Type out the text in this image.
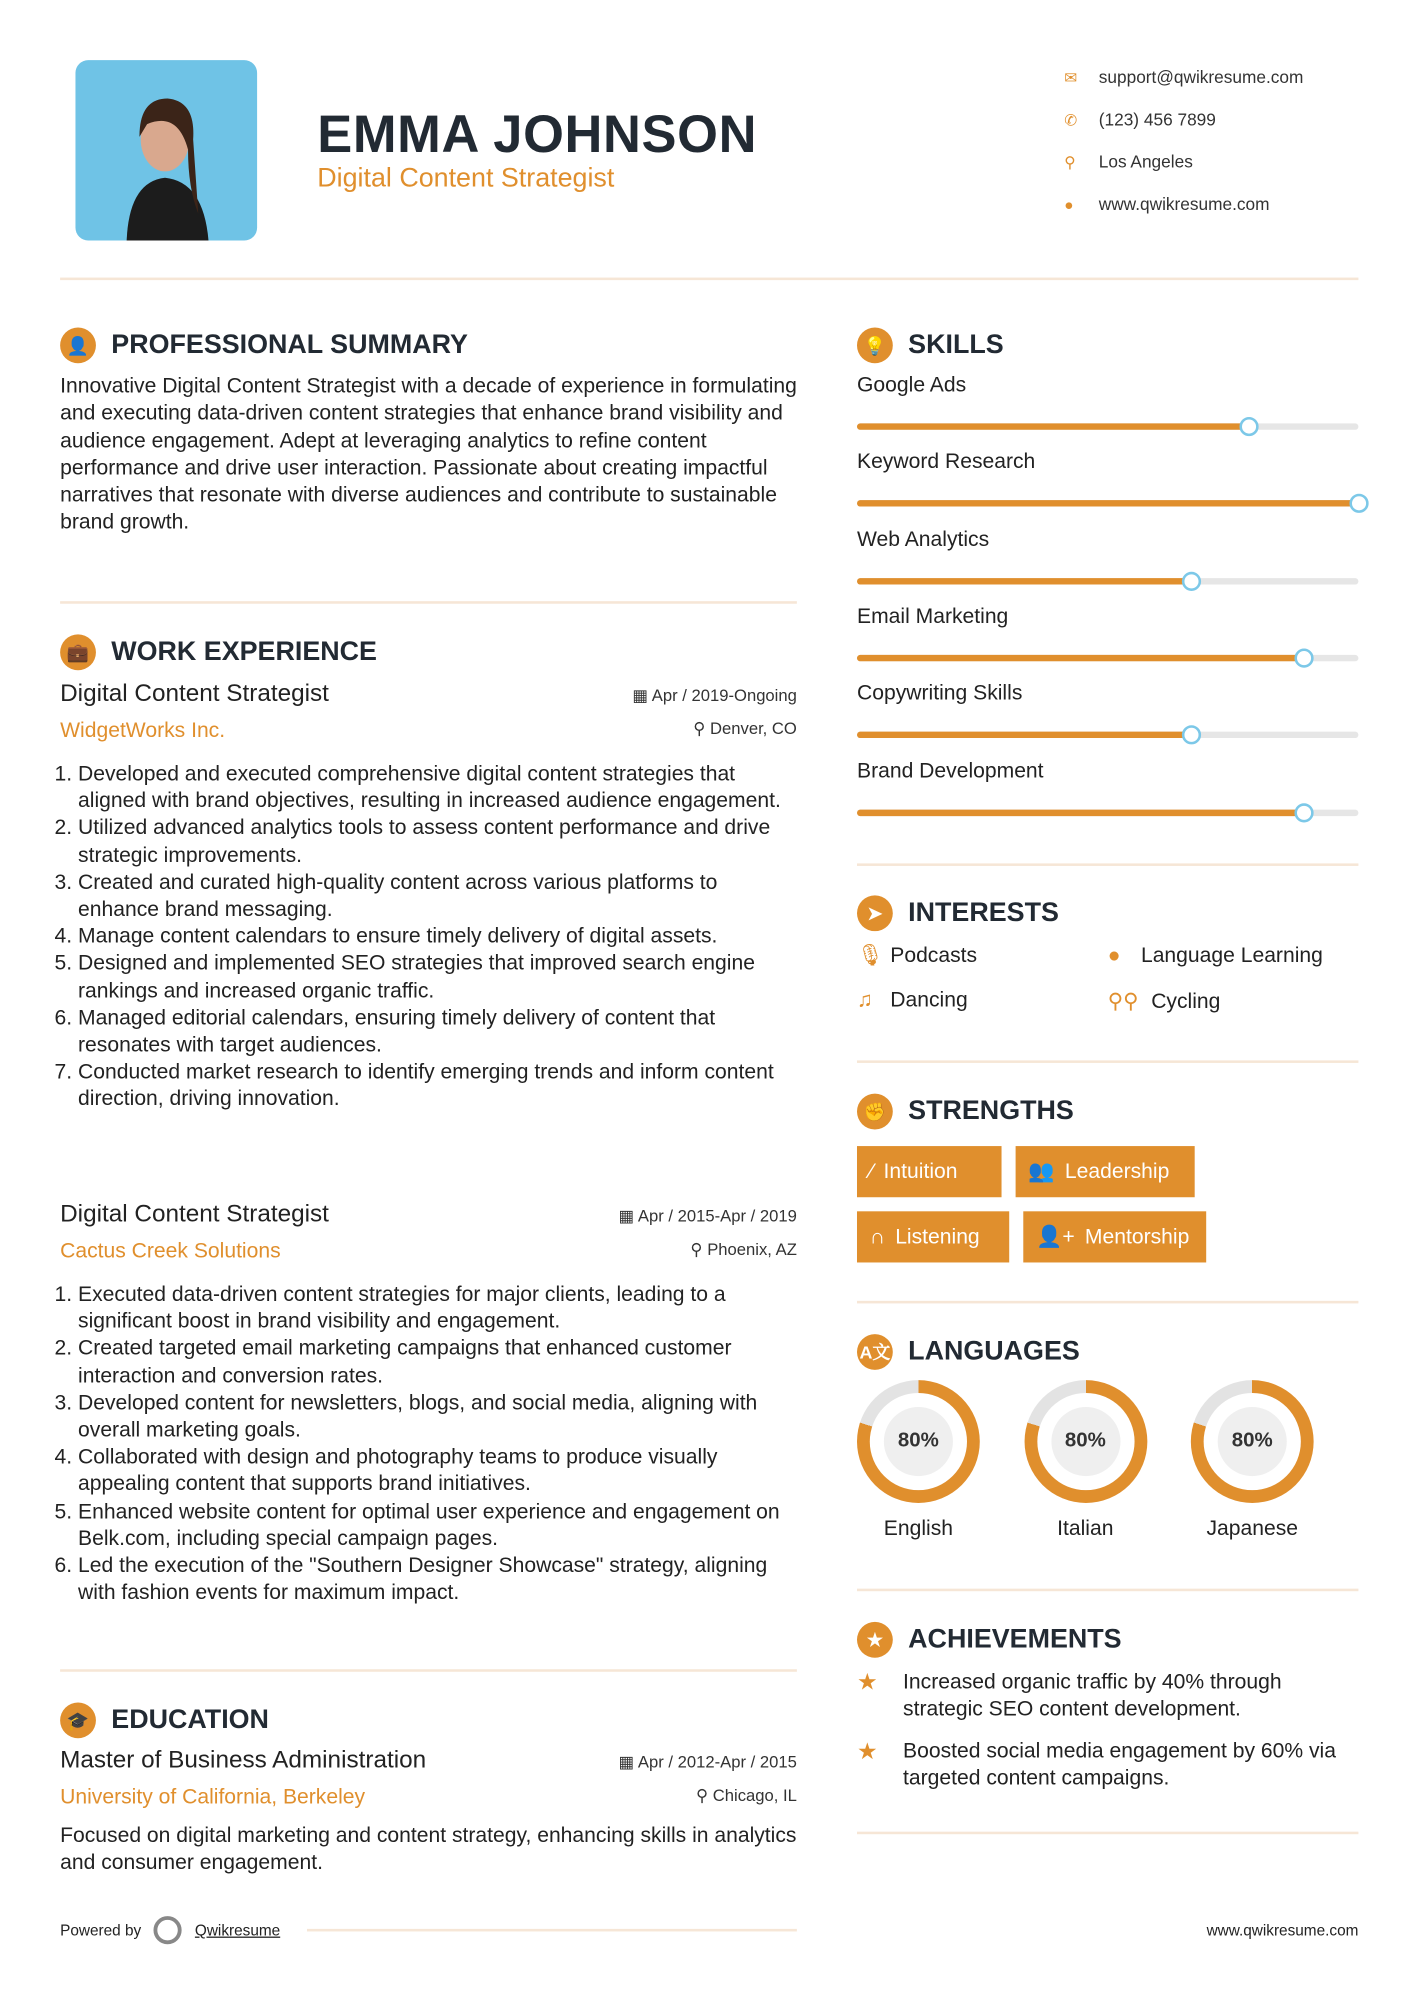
EMMA JOHNSON
Digital Content Strategist
✉	support@qwikresume.com
✆	(123) 456 7899
⚲	Los Angeles
●	www.qwikresume.com
👤	PROFESSIONAL SUMMARY
Innovative Digital Content Strategist with a decade of experience in formulating and executing data-driven content strategies that enhance brand visibility and audience engagement. Adept at leveraging analytics to refine content performance and drive user interaction. Passionate about creating impactful narratives that resonate with diverse audiences and contribute to sustainable brand growth.
💼	WORK EXPERIENCE
Digital Content Strategist	▦ Apr / 2019-Ongoing
WidgetWorks Inc.	⚲ Denver, CO
1. Developed and executed comprehensive digital content strategies that aligned with brand objectives, resulting in increased audience engagement.
2. Utilized advanced analytics tools to assess content performance and drive strategic improvements.
3. Created and curated high-quality content across various platforms to enhance brand messaging.
4. Manage content calendars to ensure timely delivery of digital assets.
5. Designed and implemented SEO strategies that improved search engine rankings and increased organic traffic.
6. Managed editorial calendars, ensuring timely delivery of content that resonates with target audiences.
7. Conducted market research to identify emerging trends and inform content direction, driving innovation.
Digital Content Strategist	▦ Apr / 2015-Apr / 2019
Cactus Creek Solutions	⚲ Phoenix, AZ
1. Executed data-driven content strategies for major clients, leading to a significant boost in brand visibility and engagement.
2. Created targeted email marketing campaigns that enhanced customer interaction and conversion rates.
3. Developed content for newsletters, blogs, and social media, aligning with overall marketing goals.
4. Collaborated with design and photography teams to produce visually appealing content that supports brand initiatives.
5. Enhanced website content for optimal user experience and engagement on Belk.com, including special campaign pages.
6. Led the execution of the "Southern Designer Showcase" strategy, aligning with fashion events for maximum impact.
🎓	EDUCATION
Master of Business Administration	▦ Apr / 2012-Apr / 2015
University of California, Berkeley	⚲ Chicago, IL
Focused on digital marketing and content strategy, enhancing skills in analytics and consumer engagement.
Powered by	Qwikresume	www.qwikresume.com
💡	SKILLS
Google Ads
Keyword Research
Web Analytics
Email Marketing
Copywriting Skills
Brand Development
➤	INTERESTS
🎙 Podcasts	●	Language Learning
♫	Dancing	⚲⚲ Cycling
✊	STRENGTHS
⁄ Intuition	👥 Leadership
∩ Listening	👤+ Mentorship
A文 LANGUAGES
80%
English
80%
Italian
80%
Japanese
★	ACHIEVEMENTS
★	Increased organic traffic by 40% through strategic SEO content development.
★	Boosted social media engagement by 60% via targeted content campaigns.
